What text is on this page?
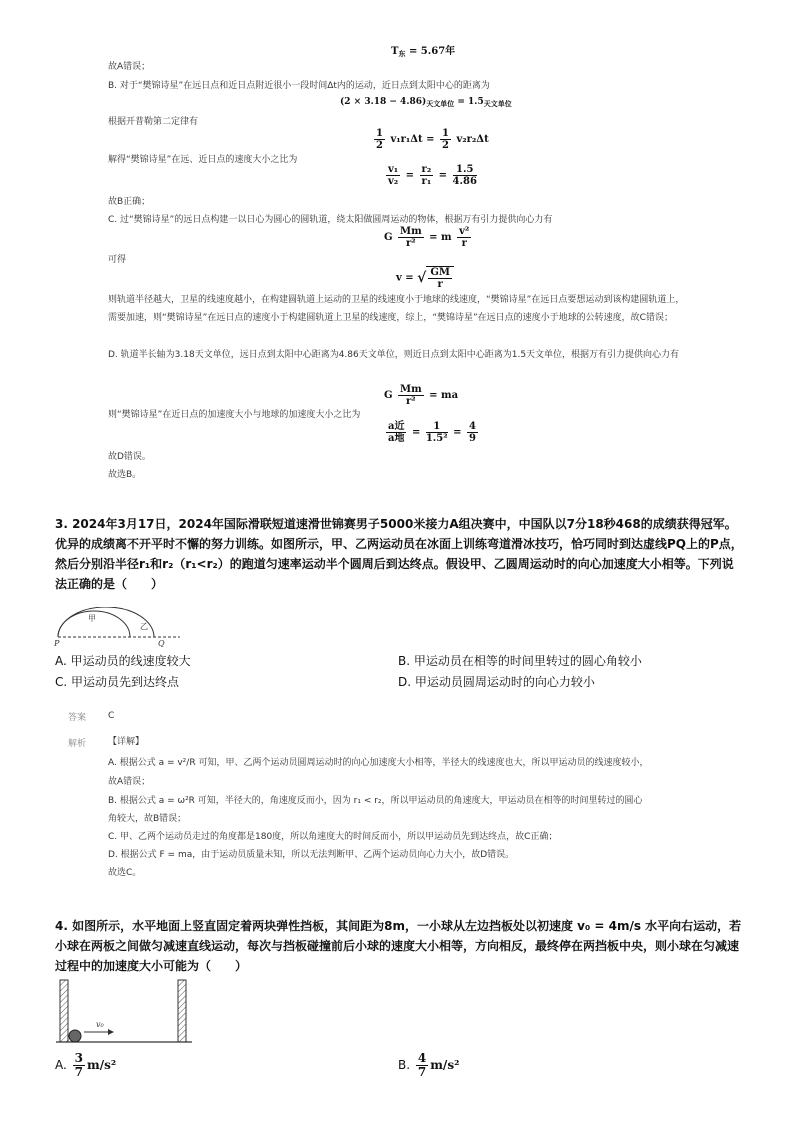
$T_东 = 5.67$年
故A错误；
B. 对于“樊锦诗星”在远日点和近日点附近很小一段时间Δt内的运动，近日点到太阳中心的距离为
$(2 \times 3.18 - 4.86)_{天文单位} = 1.5_{天文单位}$
根据开普勒第二定律有
$\frac{1}{2} v_1r_1\Delta t = \frac{1}{2} v_2r_2\Delta t$
解得“樊锦诗星”在远、近日点的速度大小之比为
$\frac{\text{v₁}}{\text{v₂}} = \frac{\text{r₂}}{\text{r₁}} = \frac{1.5}{4.86}$
故B正确；
C. 过“樊锦诗星”的远日点构建一以日心为圆心的圆轨道，绕太阳做圆周运动的物体，根据万有引力提供向心力有
G $\frac{Mm}{\text{r²}} = m \frac{\text{v²}}{r}$
可得
v = √ $\frac{GM}{r}$
则轨道半径越大，卫星的线速度越小，在构建圆轨道上运动的卫星的线速度小于地球的线速度，“樊锦诗星”在远日点要想运动到该构建圆轨道上，需要加速，则“樊锦诗星”在远日点的速度小于构建圆轨道上卫星的线速度，综上，“樊锦诗星”在远日点的速度小于地球的公转速度，故C错误；
D. 轨道半长轴为3.18天文单位，远日点到太阳中心距离为4.86天文单位，则近日点到太阳中心距离为1.5天文单位，根据万有引力提供向心力有
G $\frac{Mm}{\text{r²}}$ = ma
则“樊锦诗星”在近日点的加速度大小与地球的加速度大小之比为
$\frac{\text{a近}}{\text{a地}} = \frac{1}{\text{1.5²}} = \frac{4}{9}$
故D错误。
故选B。
3. 2024年3月17日，2024年国际滑联短道速滑世锦赛男子5000米接力A组决赛中，中国队以7分18秒468的成绩获得冠军。优异的成绩离不开平时不懈的努力训练。如图所示，甲、乙两运动员在冰面上训练弯道滑冰技巧，恰巧同时到达虚线PQ上的P点，然后分别沿半径r₁和r₂（r₁<r₂）的跑道匀速率运动半个圆周后到达终点。假设甲、乙圆周运动时的向心加速度大小相等。下列说法正确的是（　　）
甲
乙
P	Q
A. 甲运动员的线速度较大	B. 甲运动员在相等的时间里转过的圆心角较小
C. 甲运动员先到达终点	D. 甲运动员圆周运动时的向心力较小
答案 C
解析 【详解】
A. 根据公式 a = v²/R 可知，甲、乙两个运动员圆周运动时的向心加速度大小相等，半径大的线速度也大，所以甲运动员的线速度较小，
故A错误；
B. 根据公式 a = ω²R 可知，半径大的，角速度反而小，因为 r₁ < r₂，所以甲运动员的角速度大，甲运动员在相等的时间里转过的圆心
角较大，故B错误；
C. 甲、乙两个运动员走过的角度都是180度，所以角速度大的时间反而小，所以甲运动员先到达终点，故C正确；
D. 根据公式 F = ma，由于运动员质量未知，所以无法判断甲、乙两个运动员向心力大小，故D错误。
故选C。
4. 如图所示，水平地面上竖直固定着两块弹性挡板，其间距为8m，一小球从左边挡板处以初速度 v₀ = 4m/s 水平向右运动，若小球在两板之间做匀减速直线运动，每次与挡板碰撞前后小球的速度大小相等，方向相反，最终停在两挡板中央，则小球在匀减速过程中的加速度大小可能为（　　）
v₀
A. $\frac{3}{7} m/s^2$	B. $\frac{4}{7} m/s^2$
